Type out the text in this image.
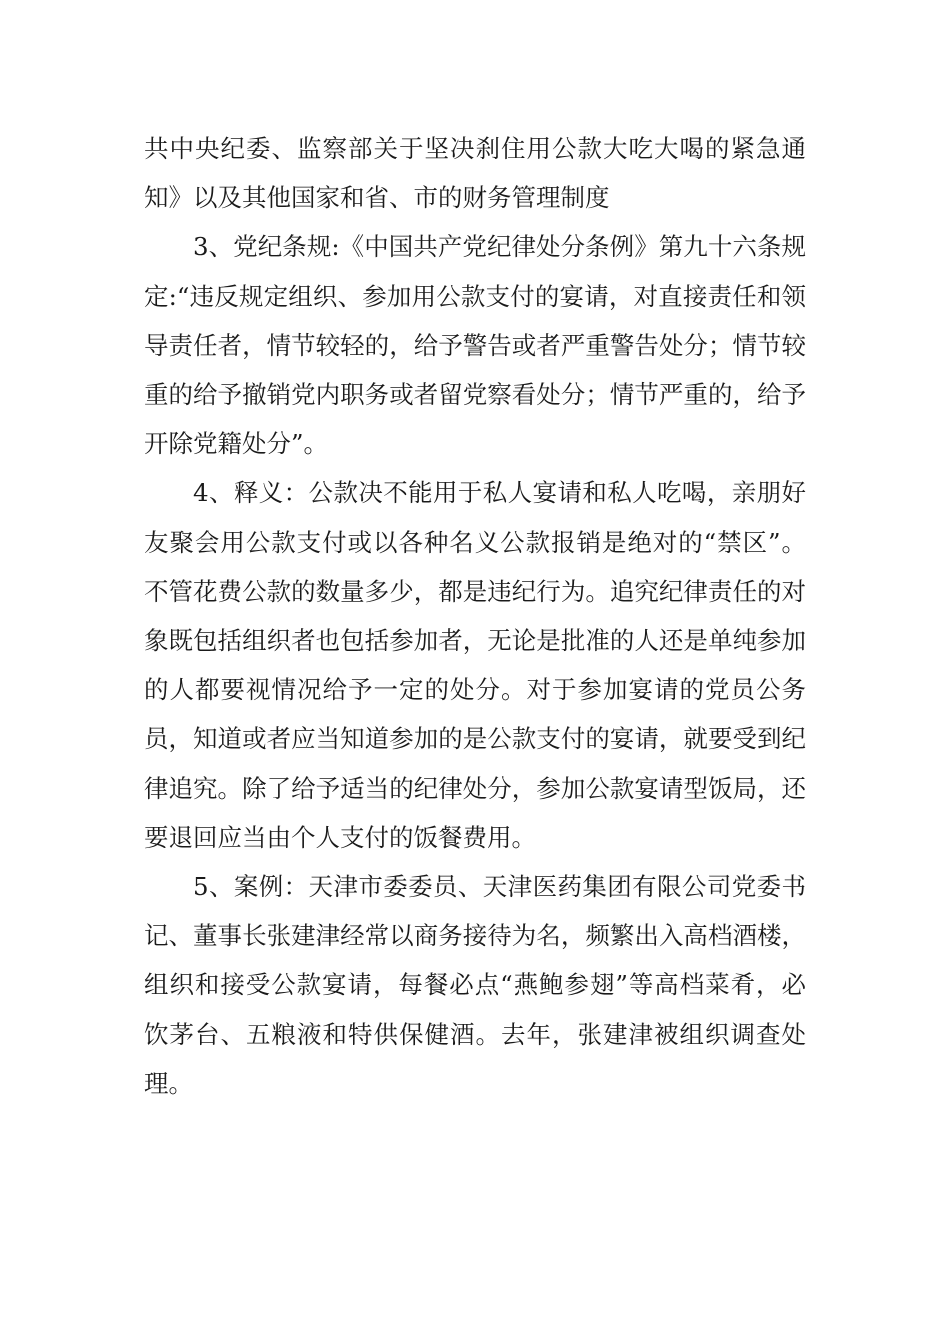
共中央纪委、监察部关于坚决刹住用公款大吃大喝的紧急通知》以及其他国家和省、市的财务管理制度

3、党纪条规:《中国共产党纪律处分条例》第九十六条规定:“违反规定组织、参加用公款支付的宴请，对直接责任和领导责任者，情节较轻的，给予警告或者严重警告处分；情节较重的给予撤销党内职务或者留党察看处分；情节严重的，给予开除党籍处分”。

4、释义：公款决不能用于私人宴请和私人吃喝，亲朋好友聚会用公款支付或以各种名义公款报销是绝对的“禁区”。不管花费公款的数量多少，都是违纪行为。追究纪律责任的对象既包括组织者也包括参加者，无论是批准的人还是单纯参加的人都要视情况给予一定的处分。对于参加宴请的党员公务员，知道或者应当知道参加的是公款支付的宴请，就要受到纪律追究。除了给予适当的纪律处分，参加公款宴请型饭局，还要退回应当由个人支付的饭餐费用。

5、案例：天津市委委员、天津医药集团有限公司党委书记、董事长张建津经常以商务接待为名，频繁出入高档酒楼，组织和接受公款宴请，每餐必点“燕鲍参翅”等高档菜肴，必饮茅台、五粮液和特供保健酒。去年，张建津被组织调查处理。
